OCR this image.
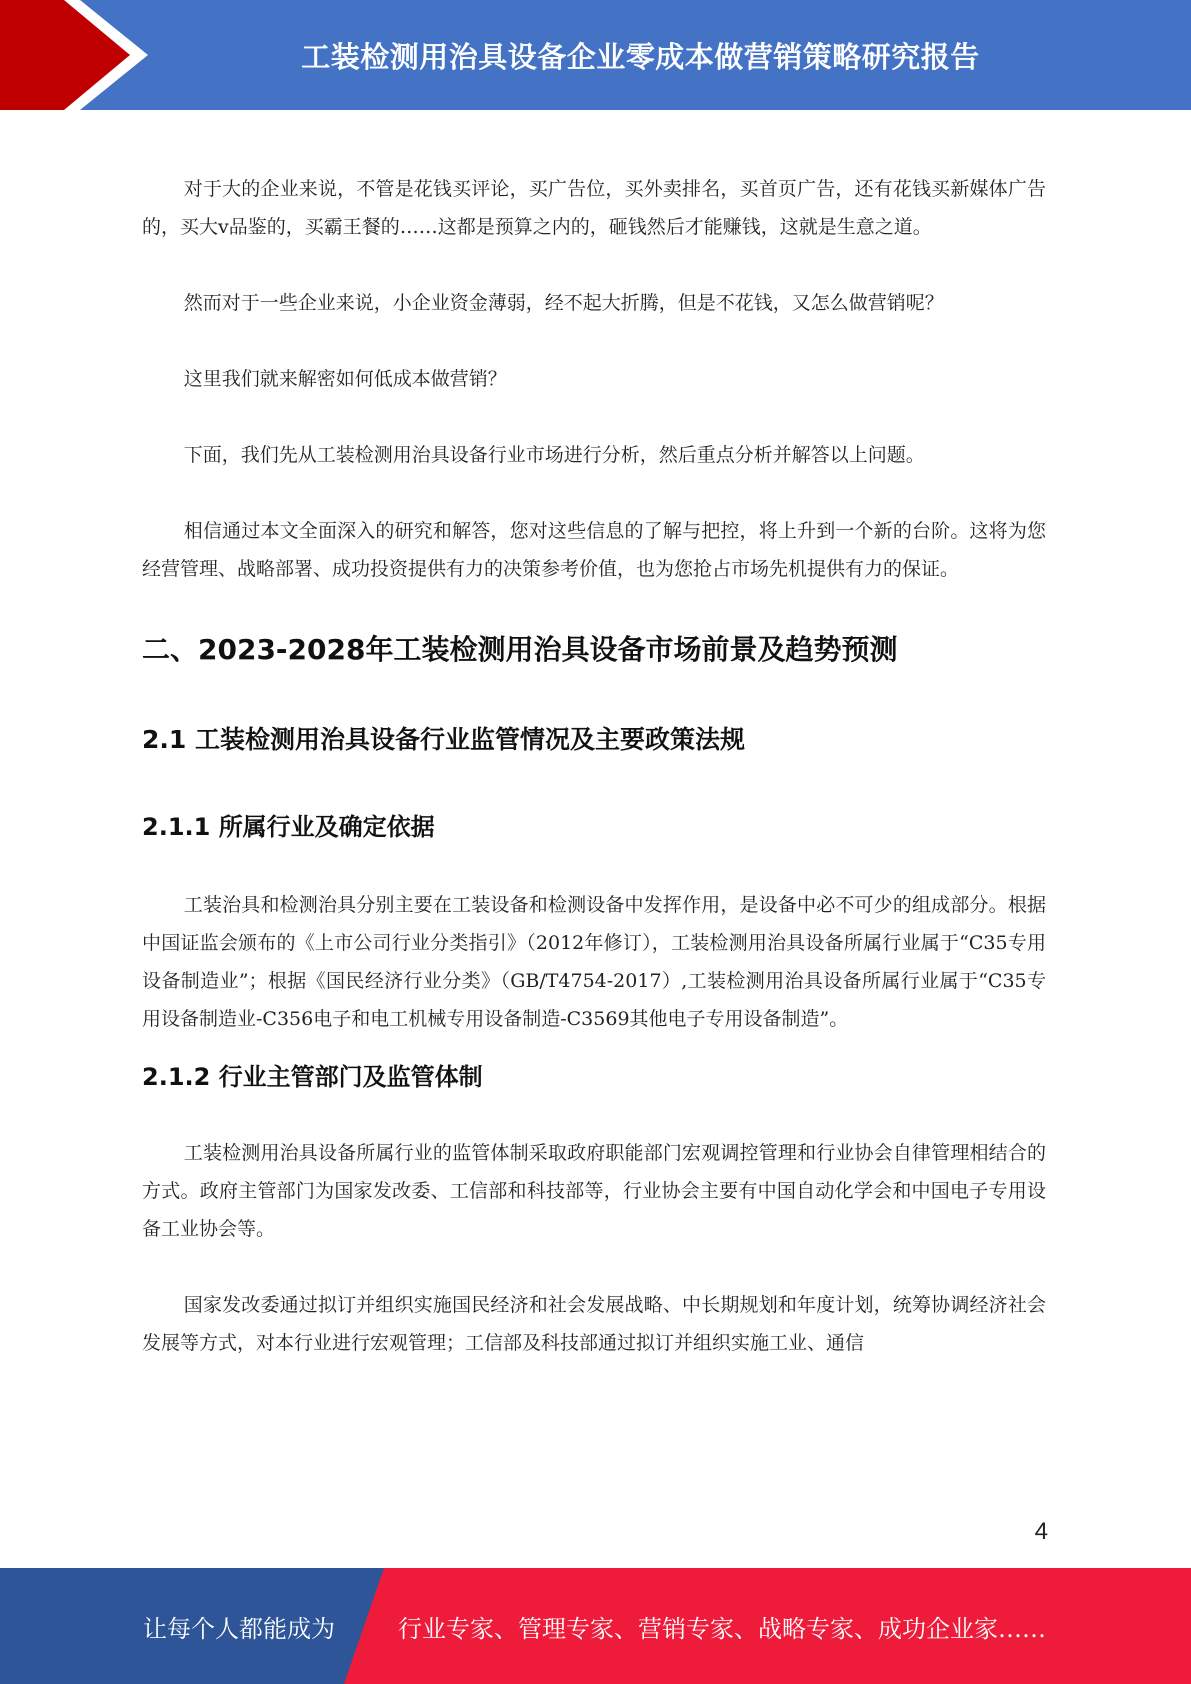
工装检测用治具设备企业零成本做营销策略研究报告

对于大的企业来说，不管是花钱买评论，买广告位，买外卖排名，买首页广告，还有花钱买新媒体广告的，买大v品鉴的，买霸王餐的……这都是预算之内的，砸钱然后才能赚钱，这就是生意之道。

然而对于一些企业来说，小企业资金薄弱，经不起大折腾，但是不花钱，又怎么做营销呢？

这里我们就来解密如何低成本做营销？

下面，我们先从工装检测用治具设备行业市场进行分析，然后重点分析并解答以上问题。

相信通过本文全面深入的研究和解答，您对这些信息的了解与把控，将上升到一个新的台阶。这将为您经营管理、战略部署、成功投资提供有力的决策参考价值，也为您抢占市场先机提供有力的保证。

二、2023-2028年工装检测用治具设备市场前景及趋势预测
2.1 工装检测用治具设备行业监管情况及主要政策法规
2.1.1 所属行业及确定依据

工装治具和检测治具分别主要在工装设备和检测设备中发挥作用，是设备中必不可少的组成部分。根据中国证监会颁布的《上市公司行业分类指引》（2012年修订），工装检测用治具设备所属行业属于“C35专用设备制造业”；根据《国民经济行业分类》（GB/T4754-2017）,工装检测用治具设备所属行业属于“C35专用设备制造业-C356电子和电工机械专用设备制造-C3569其他电子专用设备制造”。

2.1.2 行业主管部门及监管体制

工装检测用治具设备所属行业的监管体制采取政府职能部门宏观调控管理和行业协会自律管理相结合的方式。政府主管部门为国家发改委、工信部和科技部等，行业协会主要有中国自动化学会和中国电子专用设备工业协会等。

国家发改委通过拟订并组织实施国民经济和社会发展战略、中长期规划和年度计划，统筹协调经济社会发展等方式，对本行业进行宏观管理；工信部及科技部通过拟订并组织实施工业、通信

4
让每个人都能成为	行业专家、管理专家、营销专家、战略专家、成功企业家……
